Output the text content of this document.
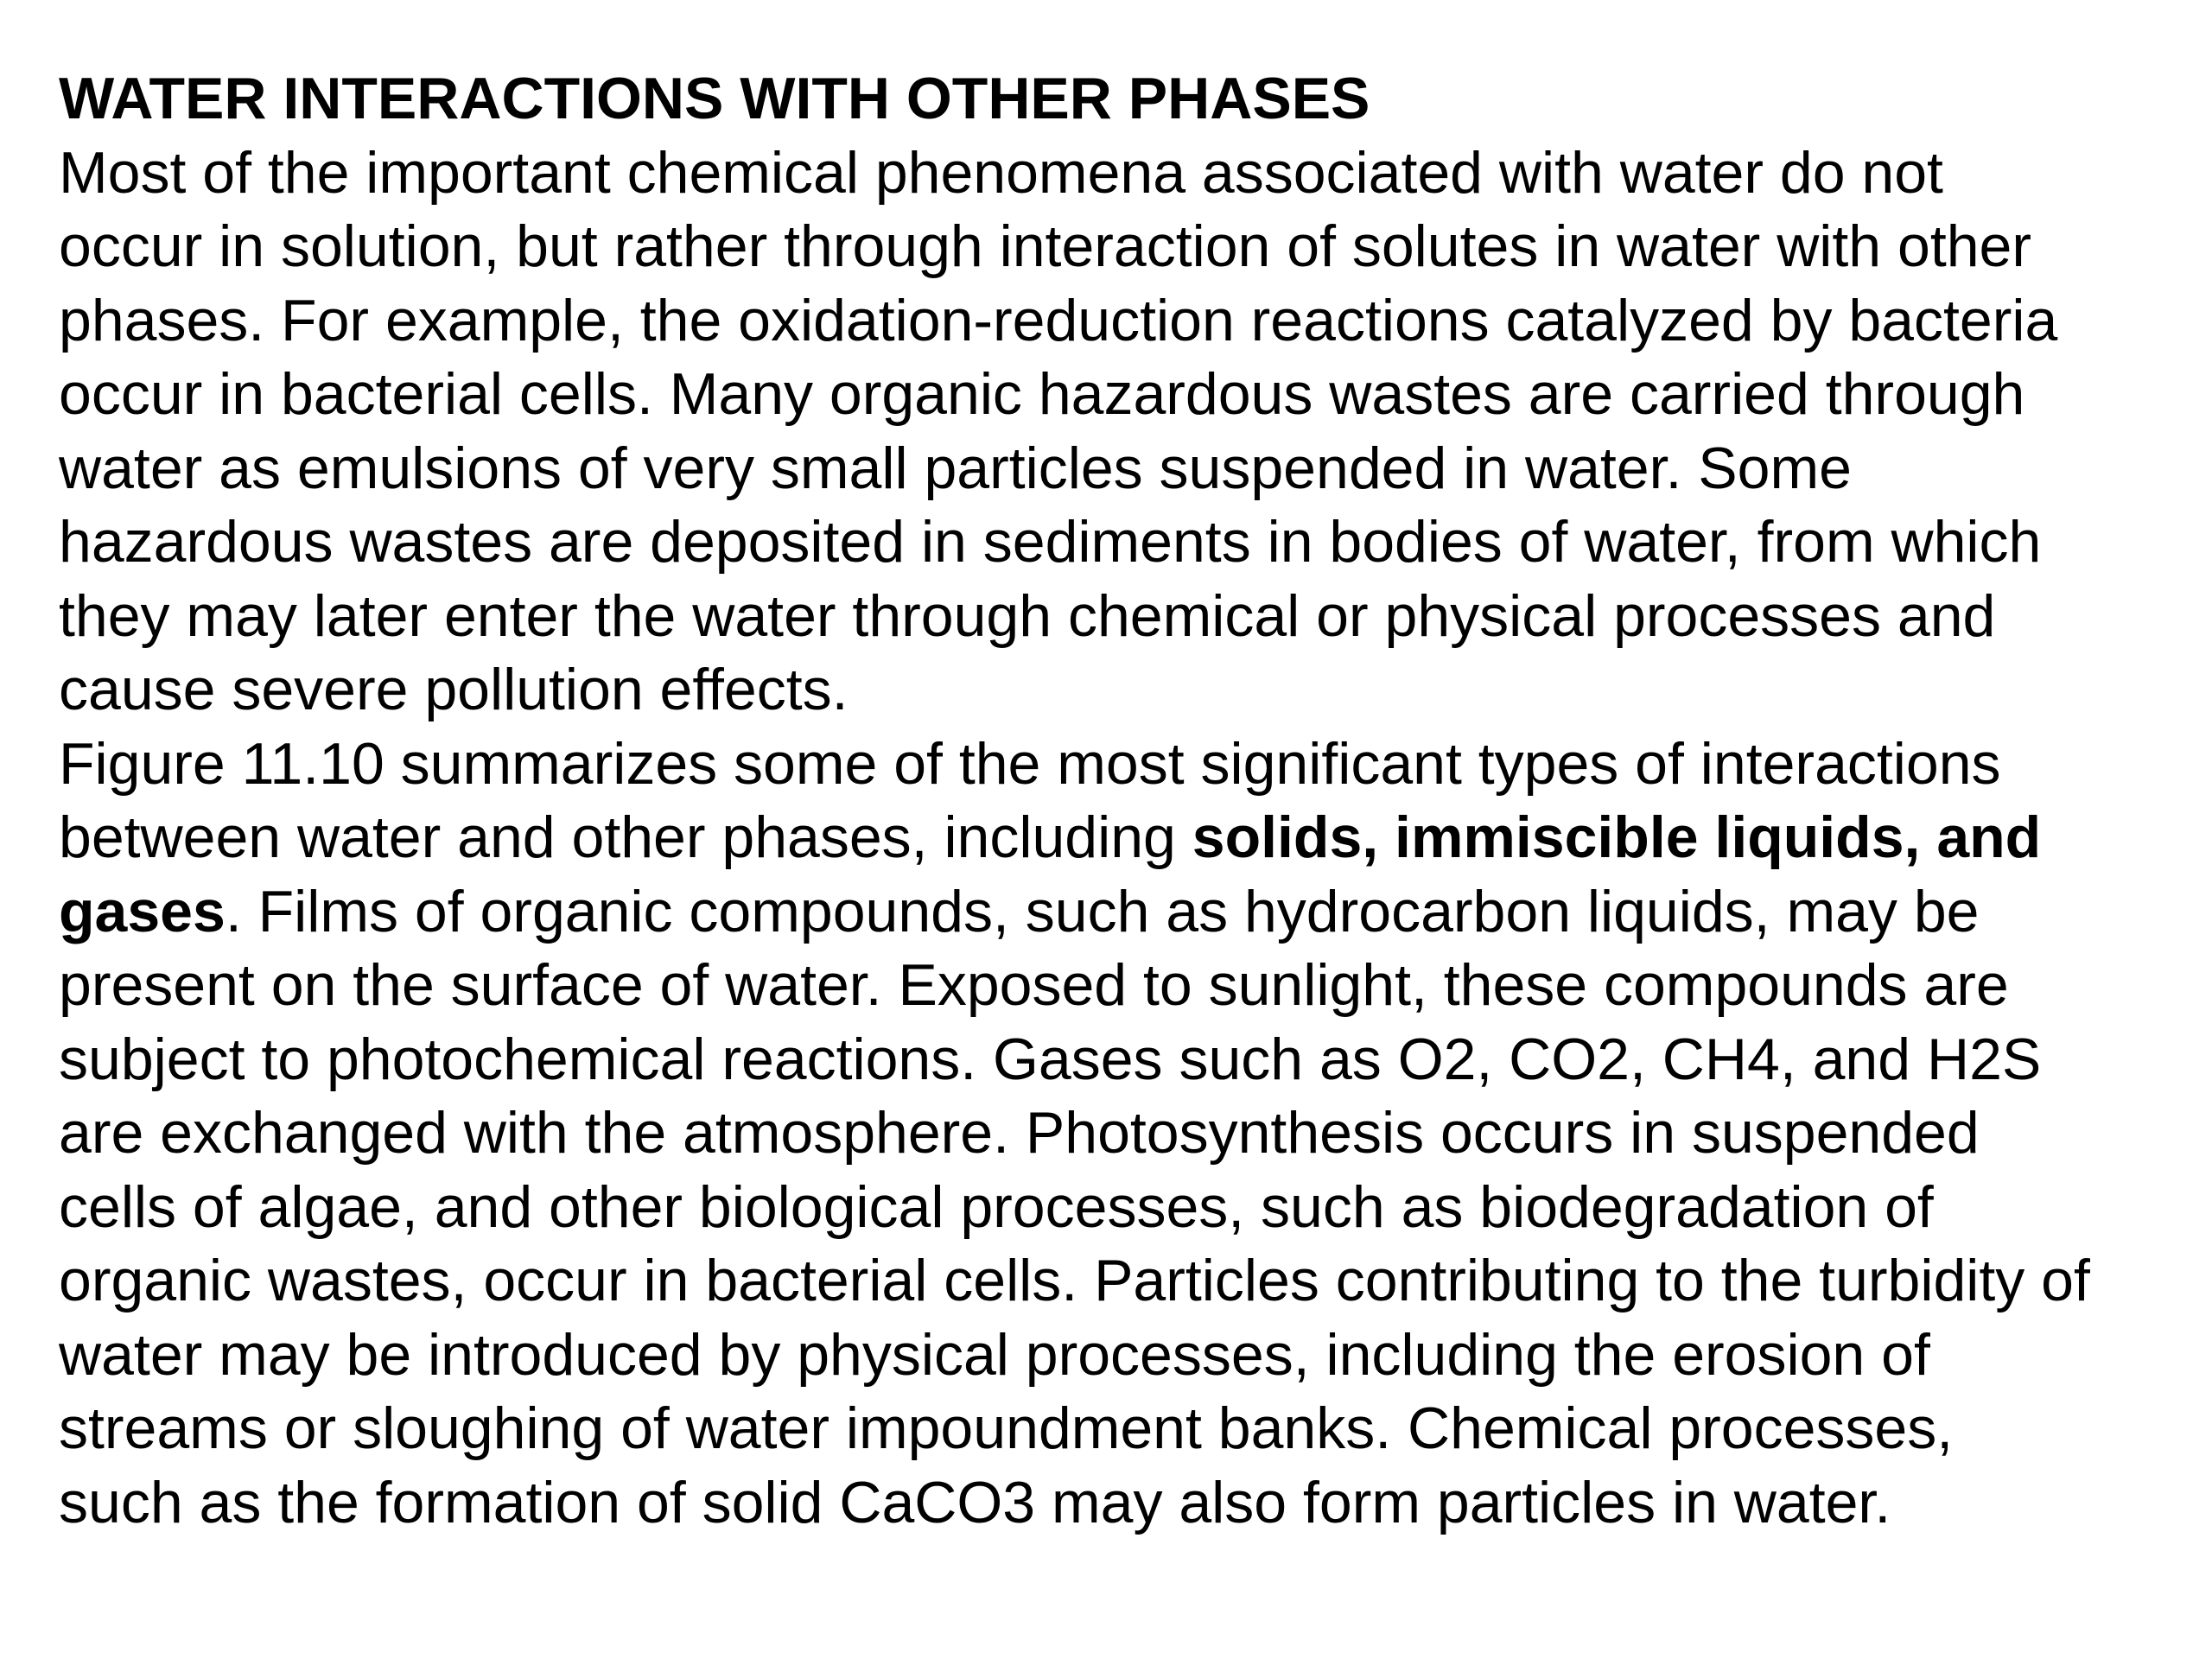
WATER INTERACTIONS WITH OTHER PHASES
Most of the important chemical phenomena associated with water do not
occur in solution, but rather through interaction of solutes in water with other
phases. For example, the oxidation-reduction reactions catalyzed by bacteria
occur in bacterial cells. Many organic hazardous wastes are carried through
water as emulsions of very small particles suspended in water. Some
hazardous wastes are deposited in sediments in bodies of water, from which
they may later enter the water through chemical or physical processes and
cause severe pollution effects.
Figure 11.10 summarizes some of the most significant types of interactions
between water and other phases, including solids, immiscible liquids, and
gases. Films of organic compounds, such as hydrocarbon liquids, may be
present on the surface of water. Exposed to sunlight, these compounds are
subject to photochemical reactions. Gases such as O2, CO2, CH4, and H2S
are exchanged with the atmosphere. Photosynthesis occurs in suspended
cells of algae, and other biological processes, such as biodegradation of
organic wastes, occur in bacterial cells. Particles contributing to the turbidity of
water may be introduced by physical processes, including the erosion of
streams or sloughing of water impoundment banks. Chemical processes,
such as the formation of solid CaCO3 may also form particles in water.
